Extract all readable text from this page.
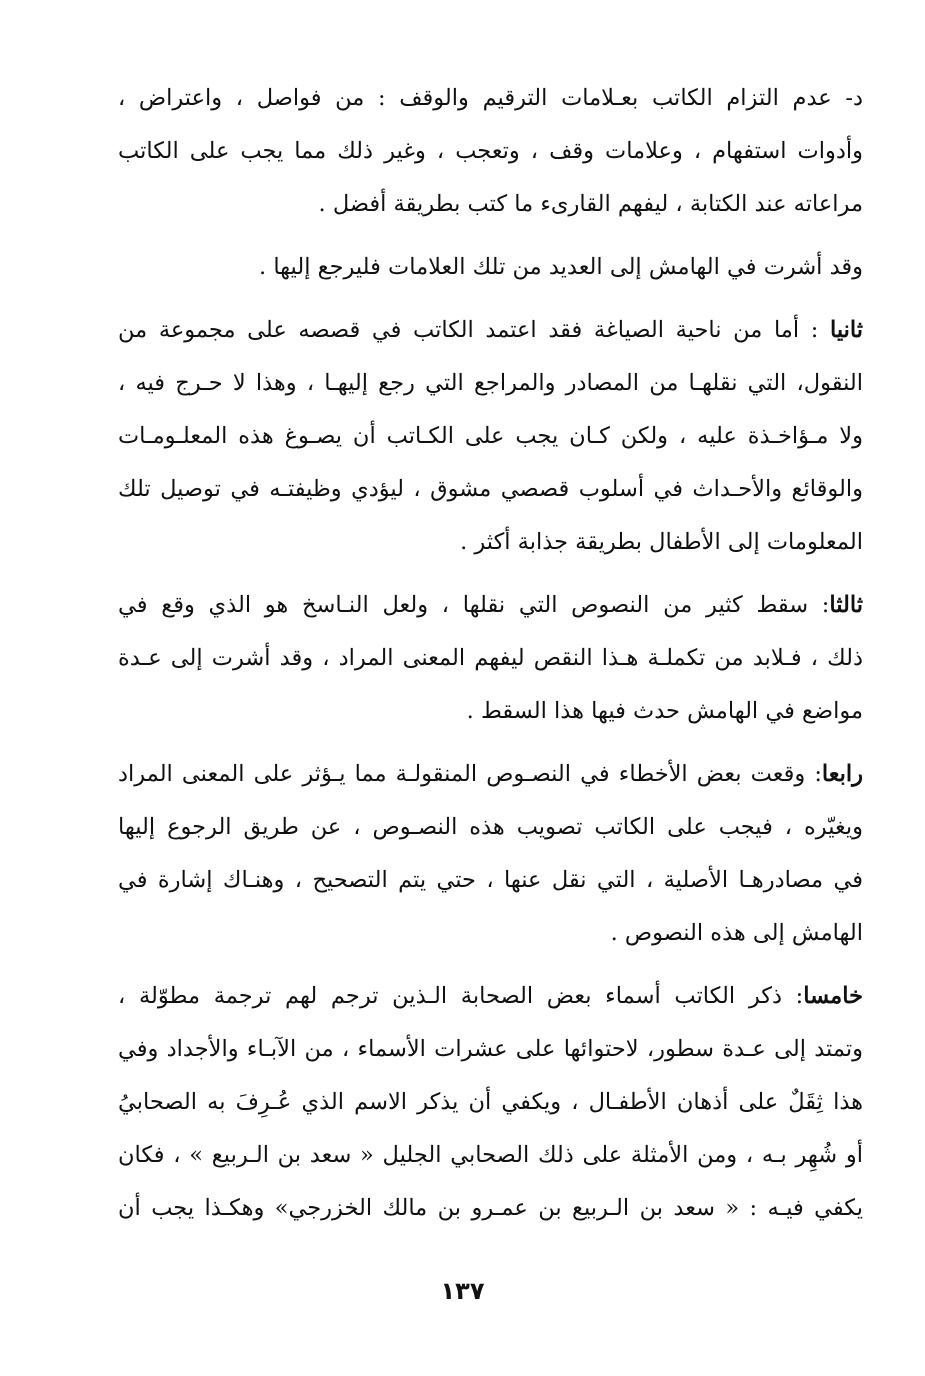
د- عدم التزام الكاتب بعـلامات الترقيم والوقف : من فواصل ، واعتراض ،
وأدوات استفهام ، وعلامات وقف ، وتعجب ، وغير ذلك مما يجب على الكاتب
مراعاته عند الكتابة ، ليفهم القارىء ما كتب بطريقة أفضل .
وقد أشرت في الهامش إلى العديد من تلك العلامات فليرجع إليها .
ثانيا : أما من ناحية الصياغة فقد اعتمد الكاتب في قصصه على مجموعة من
النقول، التي نقلهـا من المصادر والمراجع التي رجع إليهـا ، وهذا لا حـرج فيه ،
ولا مـؤاخـذة عليه ، ولكن كـان يجب على الكـاتب أن يصـوغ هذه المعلـومـات
والوقائع والأحـداث في أسلوب قصصي مشوق ، ليؤدي وظيفتـه في توصيل تلك
المعلومات إلى الأطفال بطريقة جذابة أكثر .
ثالثا: سقط كثير من النصوص التي نقلها ، ولعل النـاسخ هو الذي وقع في
ذلك ، فـلابد من تكملـة هـذا النقص ليفهم المعنى المراد ، وقد أشرت إلى عـدة
مواضع في الهامش حدث فيها هذا السقط .
رابعا: وقعت بعض الأخطاء في النصـوص المنقولـة مما يـؤثر على المعنى المراد
ويغيّره ، فيجب على الكاتب تصويب هذه النصـوص ، عن طريق الرجوع إليها
في مصادرهـا الأصلية ، التي نقل عنها ، حتي يتم التصحيح ، وهنـاك إشارة في
الهامش إلى هذه النصوص .
خامسا: ذكر الكاتب أسماء بعض الصحابة الـذين ترجم لهم ترجمة مطوّلة ،
وتمتد إلى عـدة سطور، لاحتوائها على عشرات الأسماء ، من الآبـاء والأجداد وفي
هذا ثِقَلٌ على أذهان الأطفـال ، ويكفي أن يذكر الاسم الذي عُـرِفَ به الصحابيُ
أو شُهِر بـه ، ومن الأمثلة على ذلك الصحابي الجليل « سعد بن الـربيع » ، فكان
يكفي فيـه : « سعد بن الـربيع بن عمـرو بن مالك الخزرجي» وهكـذا يجب أن
١٣٧
